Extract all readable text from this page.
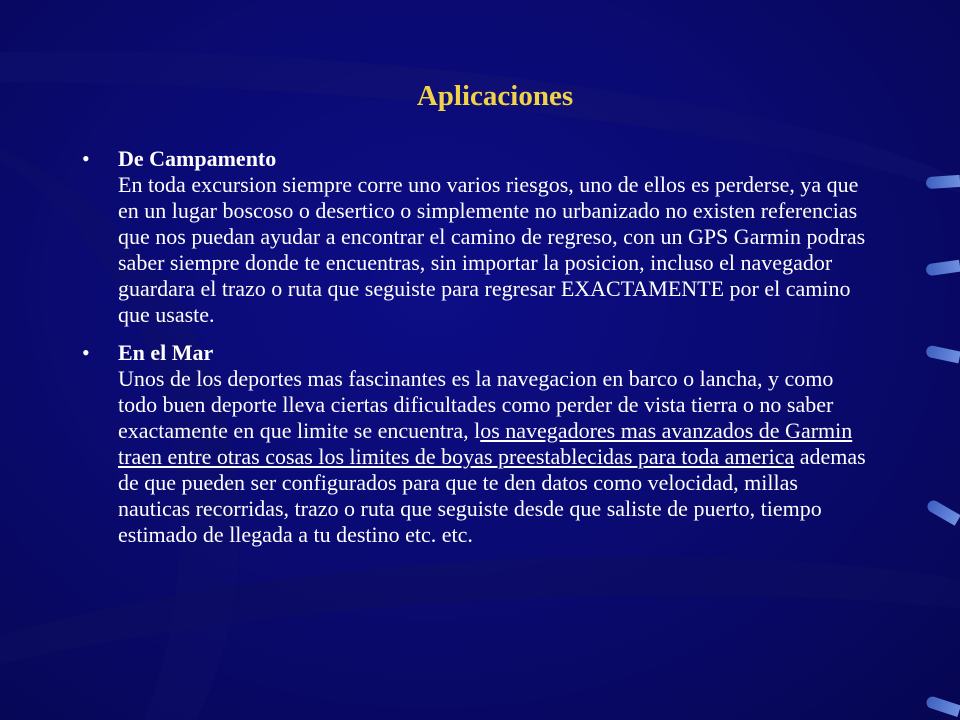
Aplicaciones
• De Campamento
En toda excursion siempre corre uno varios riesgos, uno de ellos es perderse, ya que en un lugar boscoso o desertico o simplemente no urbanizado no existen referencias que nos puedan ayudar a encontrar el camino de regreso, con un GPS Garmin podras saber siempre donde te encuentras, sin importar la posicion, incluso el navegador guardara el trazo o ruta que seguiste para regresar EXACTAMENTE por el camino que usaste.
• En el Mar
Unos de los deportes mas fascinantes es la navegacion en barco o lancha, y como todo buen deporte lleva ciertas dificultades como perder de vista tierra o no saber exactamente en que limite se encuentra, los navegadores mas avanzados de Garmin traen entre otras cosas los limites de boyas preestablecidas para toda america ademas de que pueden ser configurados para que te den datos como velocidad, millas nauticas recorridas, trazo o ruta que seguiste desde que saliste de puerto, tiempo estimado de llegada a tu destino etc. etc.
